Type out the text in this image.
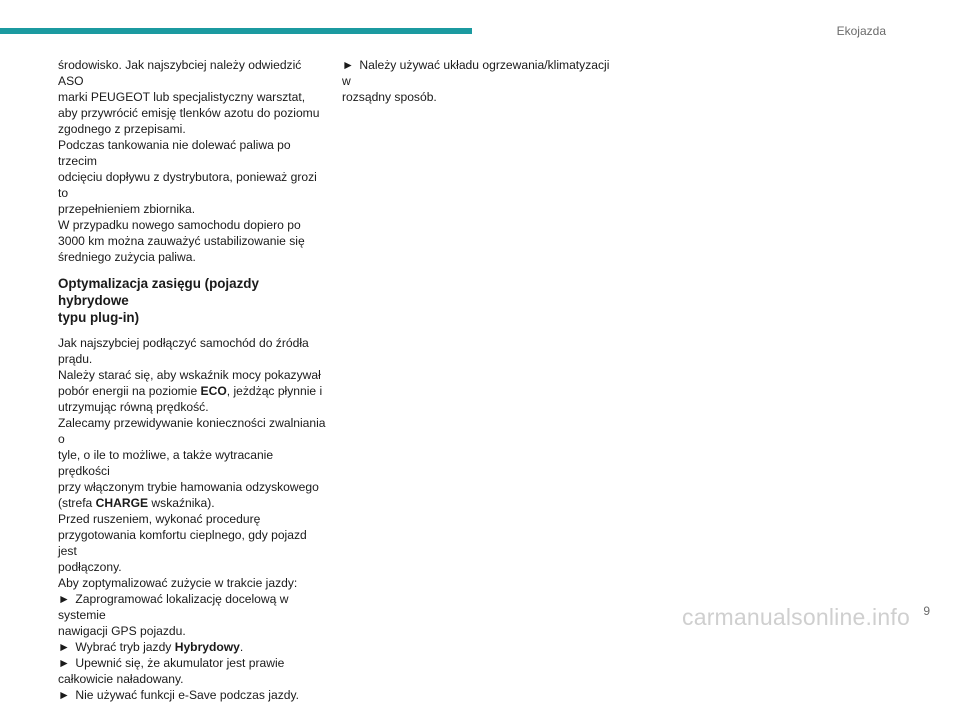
Ekojazda

środowisko. Jak najszybciej należy odwiedzić ASO
marki PEUGEOT lub specjalistyczny warsztat,
aby przywrócić emisję tlenków azotu do poziomu
zgodnego z przepisami.
Podczas tankowania nie dolewać paliwa po trzecim
odcięciu dopływu z dystrybutora, ponieważ grozi to
przepełnieniem zbiornika.
W przypadku nowego samochodu dopiero po
3000 km można zauważyć ustabilizowanie się
średniego zużycia paliwa.

Optymalizacja zasięgu (pojazdy hybrydowe
typu plug-in)

Jak najszybciej podłączyć samochód do źródła
prądu.
Należy starać się, aby wskaźnik mocy pokazywał
pobór energii na poziomie ECO, jeżdżąc płynnie i
utrzymując równą prędkość.
Zalecamy przewidywanie konieczności zwalniania o
tyle, o ile to możliwe, a także wytracanie prędkości
przy włączonym trybie hamowania odzyskowego
(strefa CHARGE wskaźnika).
Przed ruszeniem, wykonać procedurę
przygotowania komfortu cieplnego, gdy pojazd jest
podłączony.
Aby zoptymalizować zużycie w trakcie jazdy:
► Zaprogramować lokalizację docelową w systemie
nawigacji GPS pojazdu.
► Wybrać tryb jazdy Hybrydowy.
► Upewnić się, że akumulator jest prawie
całkowicie naładowany.
► Nie używać funkcji e-Save podczas jazdy.

► Należy używać układu ogrzewania/klimatyzacji w
rozsądny sposób.

carmanualsonline.info 9
